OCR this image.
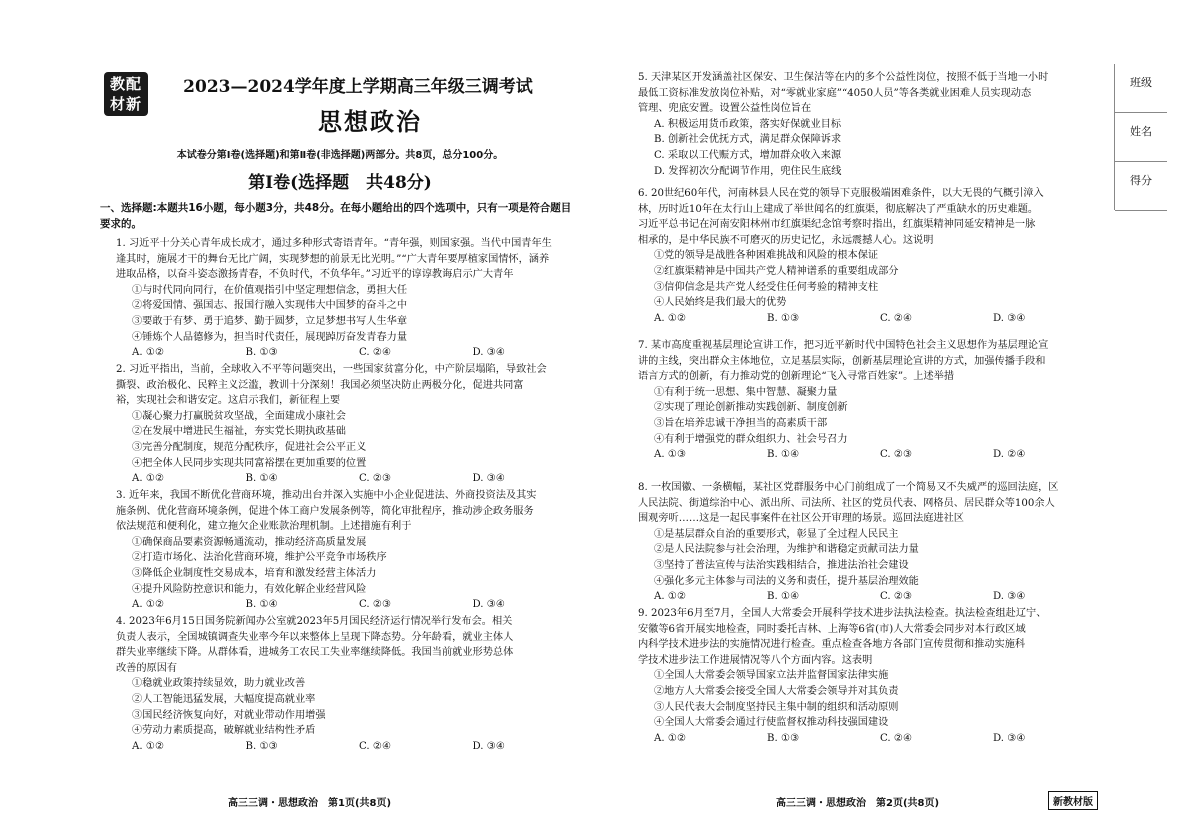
教配材新
2023—2024学年度上学期高三年级三调考试
思想政治
本试卷分第Ⅰ卷(选择题)和第Ⅱ卷(非选择题)两部分。共8页，总分100分。
第Ⅰ卷(选择题　共48分)
一、选择题:本题共16小题，每小题3分，共48分。在每小题给出的四个选项中，只有一项是符合题目要求的。

1. 习近平十分关心青年成长成才，通过多种形式寄语青年。“青年强，则国家强。当代中国青年生

逢其时，施展才干的舞台无比广阔，实现梦想的前景无比光明。”“广大青年要厚植家国情怀，涵养

进取品格，以奋斗姿态激扬青春，不负时代，不负华年。”习近平的谆谆教诲启示广大青年

①与时代同向同行，在价值观指引中坚定理想信念，勇担大任

②将爱国情、强国志、报国行融入实现伟大中国梦的奋斗之中

③要敢于有梦、勇于追梦、勤于圆梦，立足梦想书写人生华章

④锤炼个人品德修为，担当时代责任，展现踔厉奋发青春力量

A. ①②	B. ①③	C. ②④	D. ③④

2. 习近平指出，当前，全球收入不平等问题突出，一些国家贫富分化，中产阶层塌陷，导致社会

撕裂、政治极化、民粹主义泛滥，教训十分深刻！我国必须坚决防止两极分化，促进共同富

裕，实现社会和谐安定。这启示我们，新征程上要

①凝心聚力打赢脱贫攻坚战，全面建成小康社会

②在发展中增进民生福祉，夯实党长期执政基础

③完善分配制度，规范分配秩序，促进社会公平正义

④把全体人民同步实现共同富裕摆在更加重要的位置

A. ①②	B. ①④	C. ②③	D. ③④

3. 近年来，我国不断优化营商环境，推动出台并深入实施中小企业促进法、外商投资法及其实

施条例、优化营商环境条例，促进个体工商户发展条例等，简化审批程序，推动涉企政务服务

依法规范和便利化，建立拖欠企业账款治理机制。上述措施有利于

①确保商品要素资源畅通流动，推动经济高质量发展

②打造市场化、法治化营商环境，维护公平竞争市场秩序

③降低企业制度性交易成本，培育和激发经营主体活力

④提升风险防控意识和能力，有效化解企业经营风险

A. ①②	B. ①④	C. ②③	D. ③④

4. 2023年6月15日国务院新闻办公室就2023年5月国民经济运行情况举行发布会。相关

负责人表示，全国城镇调查失业率今年以来整体上呈现下降态势。分年龄看，就业主体人

群失业率继续下降。从群体看，进城务工农民工失业率继续降低。我国当前就业形势总体

改善的原因有

①稳就业政策持续显效，助力就业改善

②人工智能迅猛发展，大幅度提高就业率

③国民经济恢复向好，对就业带动作用增强

④劳动力素质提高，破解就业结构性矛盾

A. ①②	B. ①③	C. ②④	D. ③④

5. 天津某区开发涵盖社区保安、卫生保洁等在内的多个公益性岗位，按照不低于当地一小时

最低工资标准发放岗位补贴，对“零就业家庭”“4050人员”等各类就业困难人员实现动态

管理、兜底安置。设置公益性岗位旨在

A. 积极运用货币政策，落实好保就业目标

B. 创新社会优抚方式，满足群众保障诉求

C. 采取以工代赈方式，增加群众收入来源

D. 发挥初次分配调节作用，兜住民生底线

6. 20世纪60年代，河南林县人民在党的领导下克服极端困难条件，以大无畏的气概引漳入

林，历时近10年在太行山上建成了举世闻名的红旗渠，彻底解决了严重缺水的历史难题。

习近平总书记在河南安阳林州市红旗渠纪念馆考察时指出，红旗渠精神同延安精神是一脉

相承的，是中华民族不可磨灭的历史记忆，永远震撼人心。这说明

①党的领导是战胜各种困难挑战和风险的根本保证

②红旗渠精神是中国共产党人精神谱系的重要组成部分

③信仰信念是共产党人经受住任何考验的精神支柱

④人民始终是我们最大的优势

A. ①②	B. ①③	C. ②④	D. ③④

7. 某市高度重视基层理论宣讲工作，把习近平新时代中国特色社会主义思想作为基层理论宣

讲的主线，突出群众主体地位，立足基层实际，创新基层理论宣讲的方式，加强传播手段和

语言方式的创新，有力推动党的创新理论“飞入寻常百姓家”。上述举措

①有利于统一思想、集中智慧、凝聚力量

②实现了理论创新推动实践创新、制度创新

③旨在培养忠诚干净担当的高素质干部

④有利于增强党的群众组织力、社会号召力

A. ①③	B. ①④	C. ②③	D. ②④

8. 一枚国徽、一条横幅，某社区党群服务中心门前组成了一个简易又不失威严的巡回法庭，区

人民法院、街道综治中心、派出所、司法所、社区的党员代表、网格员、居民群众等100余人

围观旁听……这是一起民事案件在社区公开审理的场景。巡回法庭进社区

①是基层群众自治的重要形式，彰显了全过程人民民主

②是人民法院参与社会治理，为维护和谐稳定贡献司法力量

③坚持了普法宣传与法治实践相结合，推进法治社会建设

④强化多元主体参与司法的义务和责任，提升基层治理效能

A. ①②	B. ①④	C. ②③	D. ③④

9. 2023年6月至7月，全国人大常委会开展科学技术进步法执法检查。执法检查组赴辽宁、

安徽等6省开展实地检查，同时委托吉林、上海等6省(市)人大常委会同步对本行政区域

内科学技术进步法的实施情况进行检查。重点检查各地方各部门宣传贯彻和推动实施科

学技术进步法工作进展情况等八个方面内容。这表明

①全国人大常委会领导国家立法并监督国家法律实施

②地方人大常委会接受全国人大常委会领导并对其负责

③人民代表大会制度坚持民主集中制的组织和活动原则

④全国人大常委会通过行使监督权推动科技强国建设

A. ①②	B. ①③	C. ②④	D. ③④
班级
姓名
得分
高三三调・思想政治　第1页(共8页)	高三三调・思想政治　第2页(共8页)	新教材版
